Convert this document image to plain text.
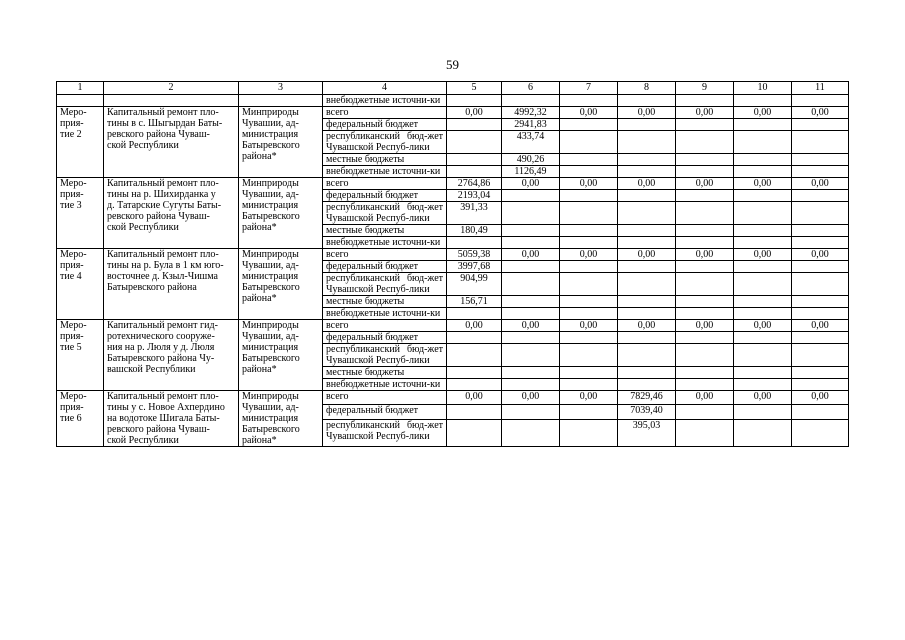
59
1	2	3	4	5	6	7	8	9	10	11
			внебюджетные источни-ки							
Меро-
прия-
тие 2	Капитальный ремонт пло-
тины в с. Шыгырдан Баты-
ревского района Чуваш-
ской Республики	Минприроды
Чувашии, ад-
министрация
Батыревского
района*	всего	0,00	4992,32	0,00	0,00	0,00	0,00	0,00
			федеральный бюджет		2941,83					
			республиканский бюд-жет Чувашской Респуб-лики		433,74					
			местные бюджеты		490,26					
			внебюджетные источни-ки		1126,49					
Меро-
прия-
тие 3	Капитальный ремонт пло-
тины на р. Шихирданка у
д. Татарские Сугуты Баты-
ревского района Чуваш-
ской Республики	Минприроды
Чувашии, ад-
министрация
Батыревского
района*	всего	2764,86	0,00	0,00	0,00	0,00	0,00	0,00
			федеральный бюджет	2193,04						
			республиканский бюд-жет Чувашской Респуб-лики	391,33						
			местные бюджеты	180,49						
			внебюджетные источни-ки							
Меро-
прия-
тие 4	Капитальный ремонт пло-
тины на р. Була в 1 км юго-
восточнее д. Кзыл-Чишма
Батыревского района	Минприроды
Чувашии, ад-
министрация
Батыревского
района*	всего	5059,38	0,00	0,00	0,00	0,00	0,00	0,00
			федеральный бюджет	3997,68						
			республиканский бюд-жет Чувашской Респуб-лики	904,99						
			местные бюджеты	156,71						
			внебюджетные источни-ки							
Меро-
прия-
тие 5	Капитальный ремонт гид-
ротехнического сооруже-
ния на р. Люля у д. Люля
Батыревского района Чу-
вашской Республики	Минприроды
Чувашии, ад-
министрация
Батыревского
района*	всего	0,00	0,00	0,00	0,00	0,00	0,00	0,00
			федеральный бюджет							
			республиканский бюд-жет Чувашской Респуб-лики							
			местные бюджеты							
			внебюджетные источни-ки							
Меро-
прия-
тие 6	Капитальный ремонт пло-
тины у с. Новое Ахпердино
на водотоке Шигала Баты-
ревского района Чуваш-
ской Республики	Минприроды
Чувашии, ад-
министрация
Батыревского
района*	всего	0,00	0,00	0,00	7829,46	0,00	0,00	0,00
			федеральный бюджет				7039,40			
			республиканский бюд-жет Чувашской Респуб-лики				395,03			
